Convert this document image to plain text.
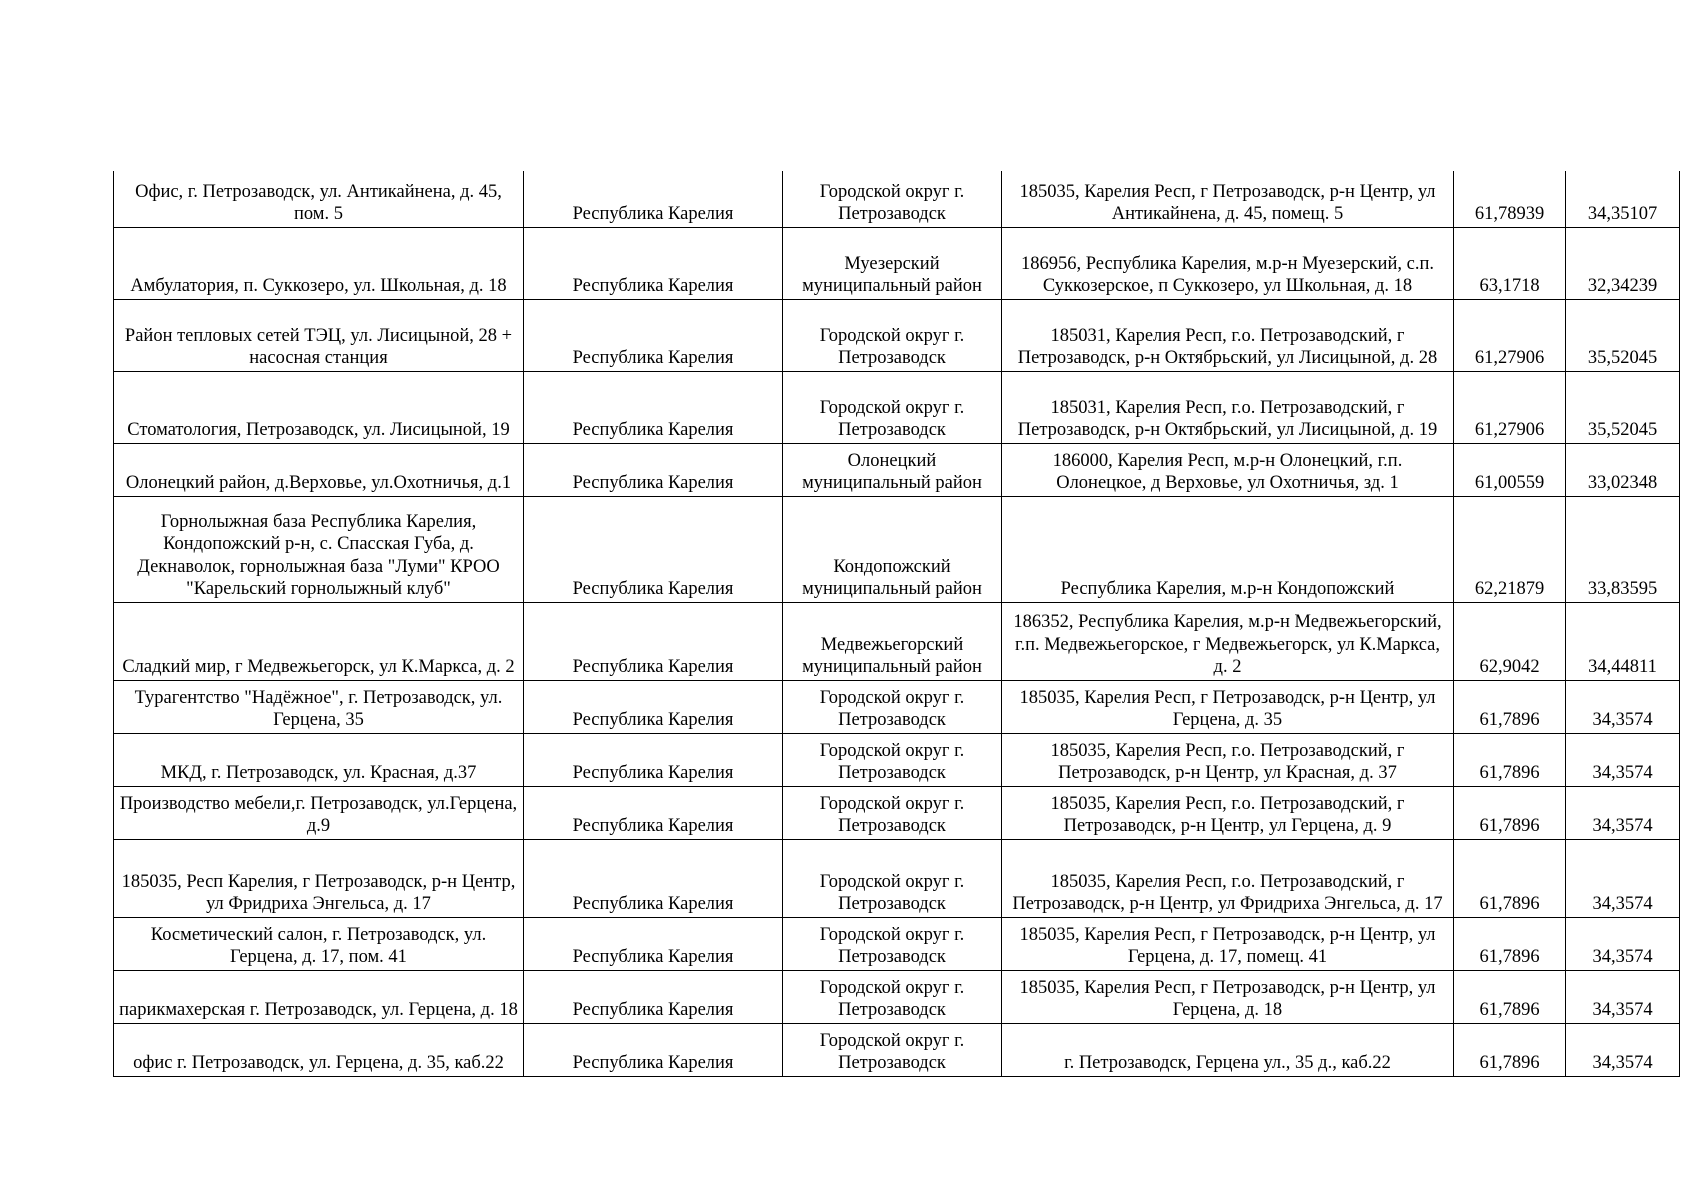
Офис, г. Петрозаводск, ул. Антикайнена, д. 45, пом. 5	Республика Карелия	Городской округ г. Петрозаводск	185035, Карелия Респ, г Петрозаводск, р-н Центр, ул Антикайнена, д. 45, помещ. 5	61,78939	34,35107
Амбулатория, п. Суккозеро, ул. Школьная, д. 18	Республика Карелия	Муезерский муниципальный район	186956, Республика Карелия, м.р-н Муезерский, с.п. Суккозерское, п Суккозеро, ул Школьная, д. 18	63,1718	32,34239
Район тепловых сетей ТЭЦ, ул. Лисицыной, 28 + насосная станция	Республика Карелия	Городской округ г. Петрозаводск	185031, Карелия Респ, г.о. Петрозаводский, г Петрозаводск, р-н Октябрьский, ул Лисицыной, д. 28	61,27906	35,52045
Стоматология, Петрозаводск, ул. Лисицыной, 19	Республика Карелия	Городской округ г. Петрозаводск	185031, Карелия Респ, г.о. Петрозаводский, г Петрозаводск, р-н Октябрьский, ул Лисицыной, д. 19	61,27906	35,52045
Олонецкий район, д.Верховье, ул.Охотничья, д.1	Республика Карелия	Олонецкий муниципальный район	186000, Карелия Респ, м.р-н Олонецкий, г.п. Олонецкое, д Верховье, ул Охотничья, зд. 1	61,00559	33,02348
Горнолыжная база Республика Карелия, Кондопожский р-н, с. Спасская Губа, д. Декнаволок, горнолыжная база "Луми" КРОО "Карельский горнолыжный клуб"	Республика Карелия	Кондопожский муниципальный район	Республика Карелия, м.р-н Кондопожский	62,21879	33,83595
Сладкий мир, г Медвежьегорск, ул К.Маркса, д. 2	Республика Карелия	Медвежьегорский муниципальный район	186352, Республика Карелия, м.р-н Медвежьегорский, г.п. Медвежьегорское, г Медвежьегорск, ул К.Маркса, д. 2	62,9042	34,44811
Турагентство "Надёжное", г. Петрозаводск, ул. Герцена, 35	Республика Карелия	Городской округ г. Петрозаводск	185035, Карелия Респ, г Петрозаводск, р-н Центр, ул Герцена, д. 35	61,7896	34,3574
МКД, г. Петрозаводск, ул. Красная, д.37	Республика Карелия	Городской округ г. Петрозаводск	185035, Карелия Респ, г.о. Петрозаводский, г Петрозаводск, р-н Центр, ул Красная, д. 37	61,7896	34,3574
Производство мебели,г. Петрозаводск, ул.Герцена, д.9	Республика Карелия	Городской округ г. Петрозаводск	185035, Карелия Респ, г.о. Петрозаводский, г Петрозаводск, р-н Центр, ул Герцена, д. 9	61,7896	34,3574
185035, Респ Карелия, г Петрозаводск, р-н Центр, ул Фридриха Энгельса, д. 17	Республика Карелия	Городской округ г. Петрозаводск	185035, Карелия Респ, г.о. Петрозаводский, г Петрозаводск, р-н Центр, ул Фридриха Энгельса, д. 17	61,7896	34,3574
Косметический салон, г. Петрозаводск, ул. Герцена, д. 17, пом. 41	Республика Карелия	Городской округ г. Петрозаводск	185035, Карелия Респ, г Петрозаводск, р-н Центр, ул Герцена, д. 17, помещ. 41	61,7896	34,3574
парикмахерская г. Петрозаводск, ул. Герцена, д. 18	Республика Карелия	Городской округ г. Петрозаводск	185035, Карелия Респ, г Петрозаводск, р-н Центр, ул Герцена, д. 18	61,7896	34,3574
офис г. Петрозаводск, ул. Герцена, д. 35, каб.22	Республика Карелия	Городской округ г. Петрозаводск	г. Петрозаводск, Герцена ул., 35 д., каб.22	61,7896	34,3574
